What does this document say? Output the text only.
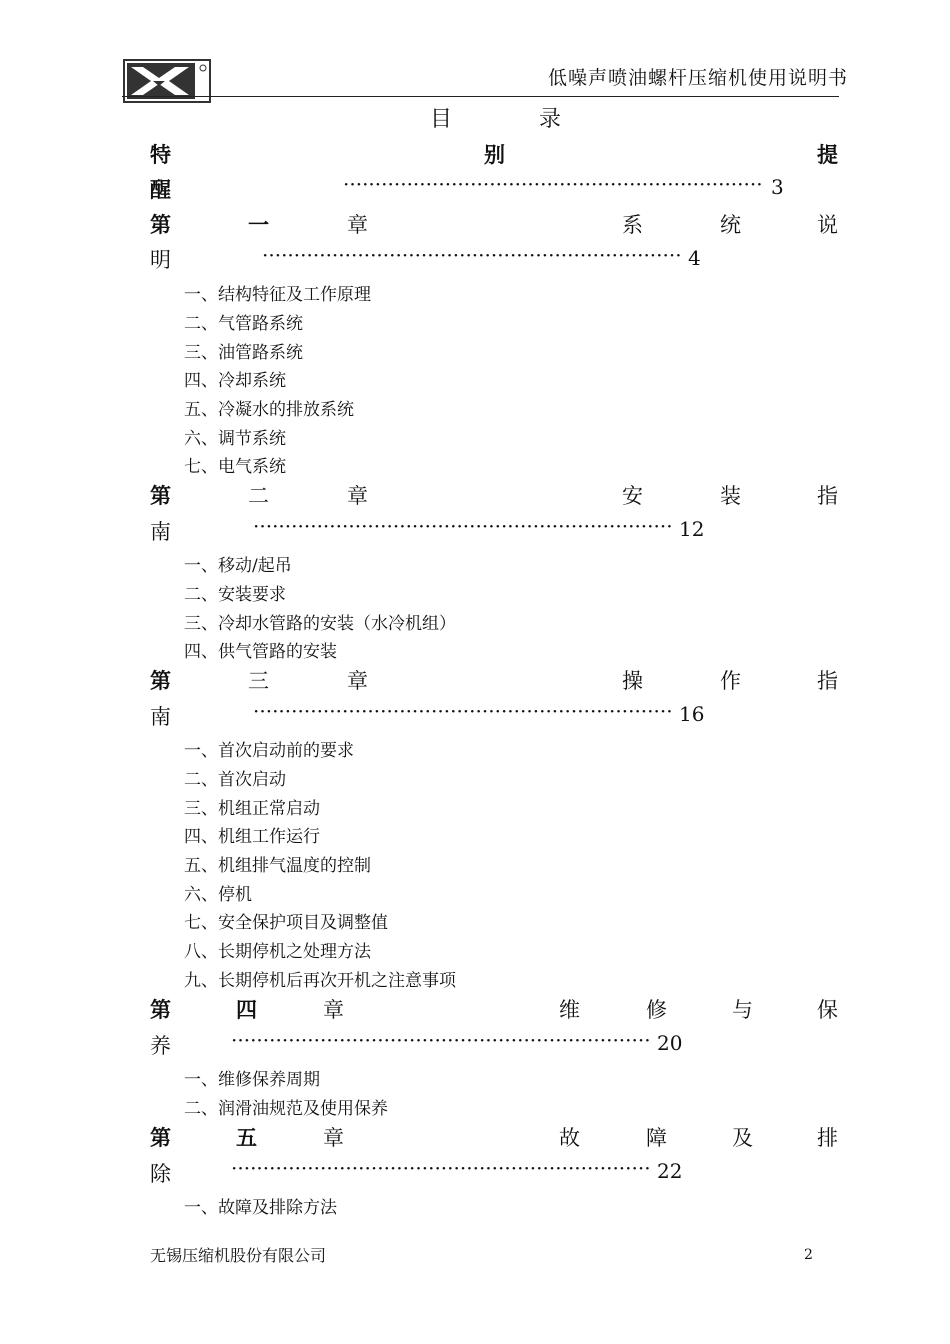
低噪声喷油螺杆压缩机使用说明书
目	录
特	别	提
醒	·································································· 3
第	一	章	系	统	说
明	·································································· 4
一、结构特征及工作原理
二、气管路系统
三、油管路系统
四、冷却系统
五、冷凝水的排放系统
六、调节系统
七、电气系统
第	二	章	安	装	指
南	·································································· 12
一、移动/起吊
二、安装要求
三、冷却水管路的安装（水冷机组）
四、供气管路的安装
第	三	章	操	作	指
南	·································································· 16
一、首次启动前的要求
二、首次启动
三、机组正常启动
四、机组工作运行
五、机组排气温度的控制
六、停机
七、安全保护项目及调整值
八、长期停机之处理方法
九、长期停机后再次开机之注意事项
第	四	章	维	修	与	保
养	·································································· 20
一、维修保养周期
二、润滑油规范及使用保养
第	五	章	故	障	及	排
除	·································································· 22
一、故障及排除方法
无锡压缩机股份有限公司	2
